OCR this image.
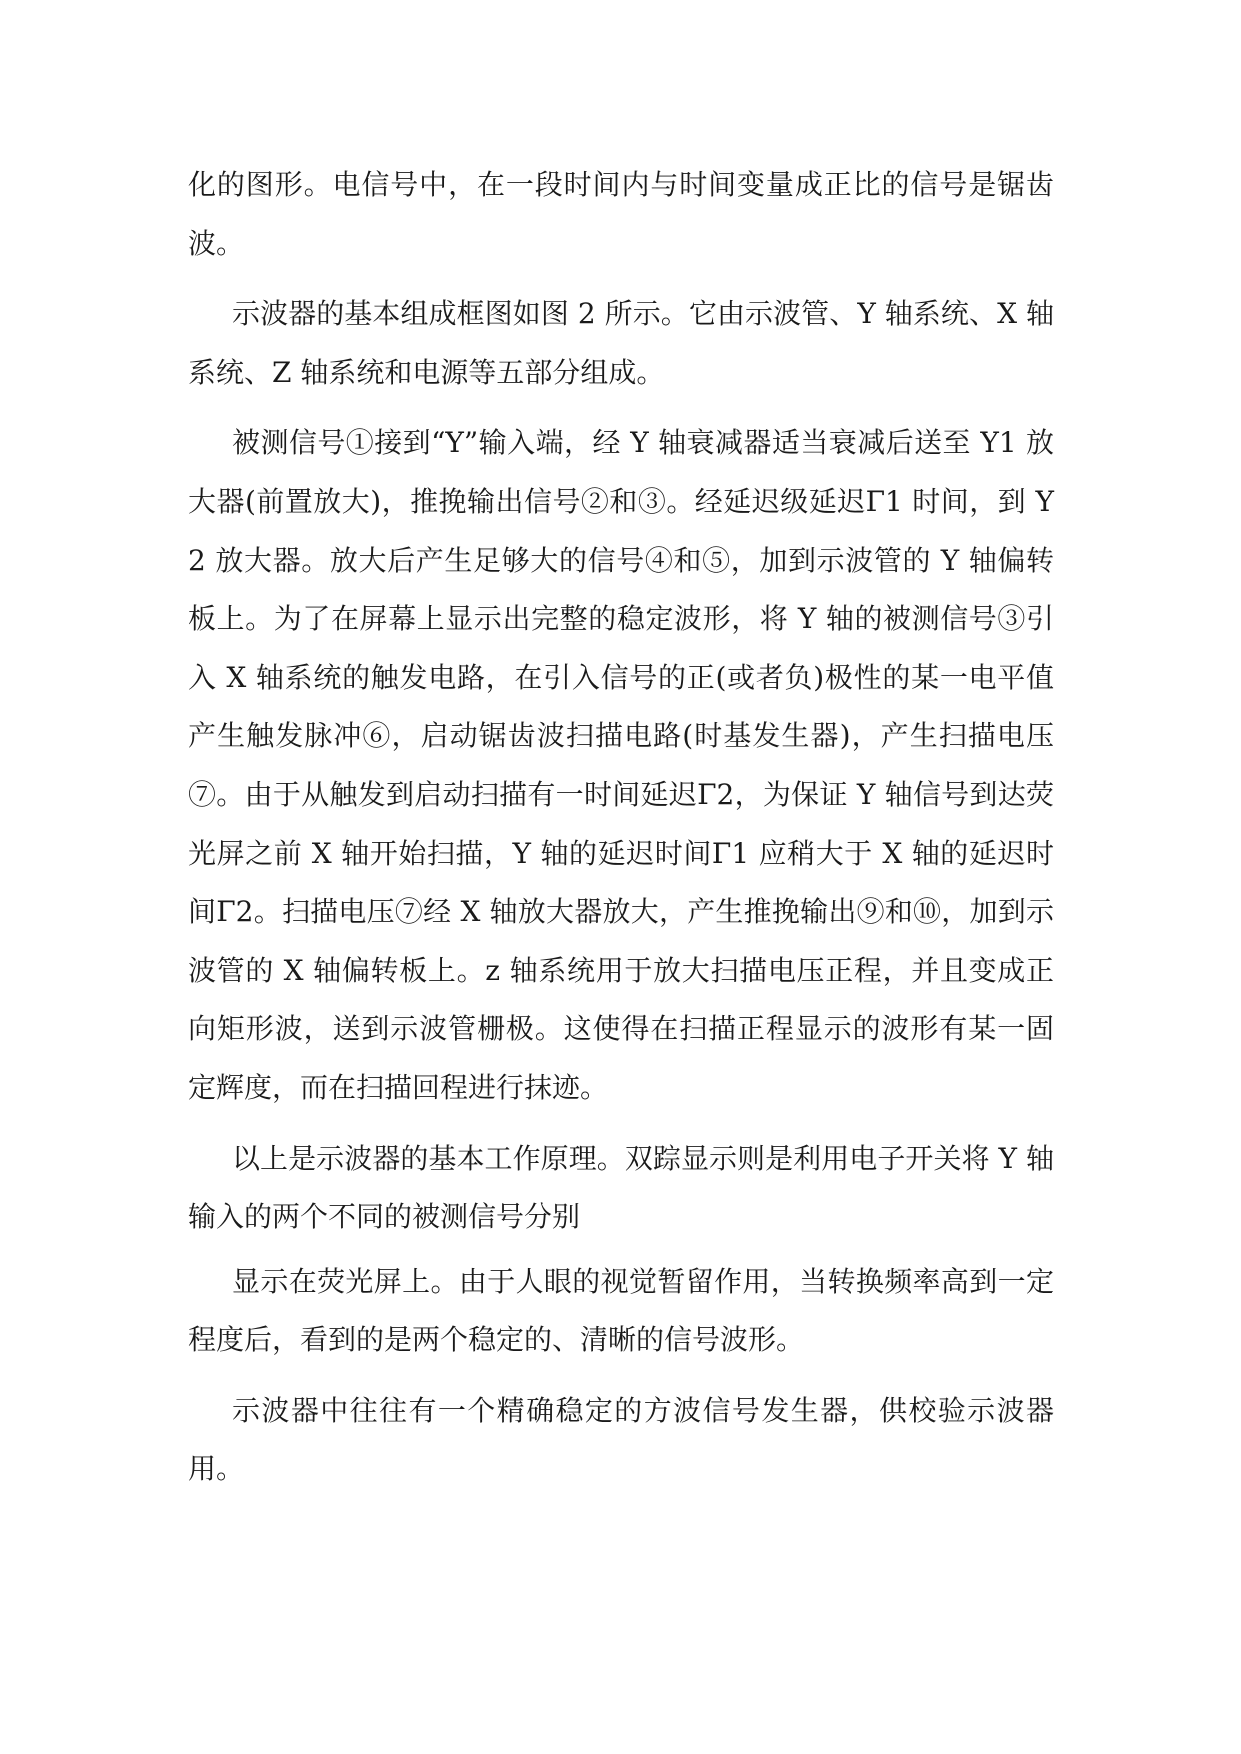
化的图形。电信号中，在一段时间内与时间变量成正比的信号是锯齿波。

示波器的基本组成框图如图 2 所示。它由示波管、Y 轴系统、X 轴系统、Z 轴系统和电源等五部分组成。

被测信号①接到“Y”输入端，经 Y 轴衰减器适当衰减后送至 Y1 放大器(前置放大)，推挽输出信号②和③。经延迟级延迟Γ1 时间，到 Y2 放大器。放大后产生足够大的信号④和⑤，加到示波管的 Y 轴偏转板上。为了在屏幕上显示出完整的稳定波形，将 Y 轴的被测信号③引入 X 轴系统的触发电路，在引入信号的正(或者负)极性的某一电平值产生触发脉冲⑥，启动锯齿波扫描电路(时基发生器)，产生扫描电压⑦。由于从触发到启动扫描有一时间延迟Γ2，为保证 Y 轴信号到达荧光屏之前 X 轴开始扫描，Y 轴的延迟时间Γ1 应稍大于 X 轴的延迟时间Γ2。扫描电压⑦经 X 轴放大器放大，产生推挽输出⑨和⑩，加到示波管的 X 轴偏转板上。z 轴系统用于放大扫描电压正程，并且变成正向矩形波，送到示波管栅极。这使得在扫描正程显示的波形有某一固定辉度，而在扫描回程进行抹迹。

以上是示波器的基本工作原理。双踪显示则是利用电子开关将 Y 轴输入的两个不同的被测信号分别

显示在荧光屏上。由于人眼的视觉暂留作用，当转换频率高到一定程度后，看到的是两个稳定的、清晰的信号波形。

示波器中往往有一个精确稳定的方波信号发生器，供校验示波器用。
